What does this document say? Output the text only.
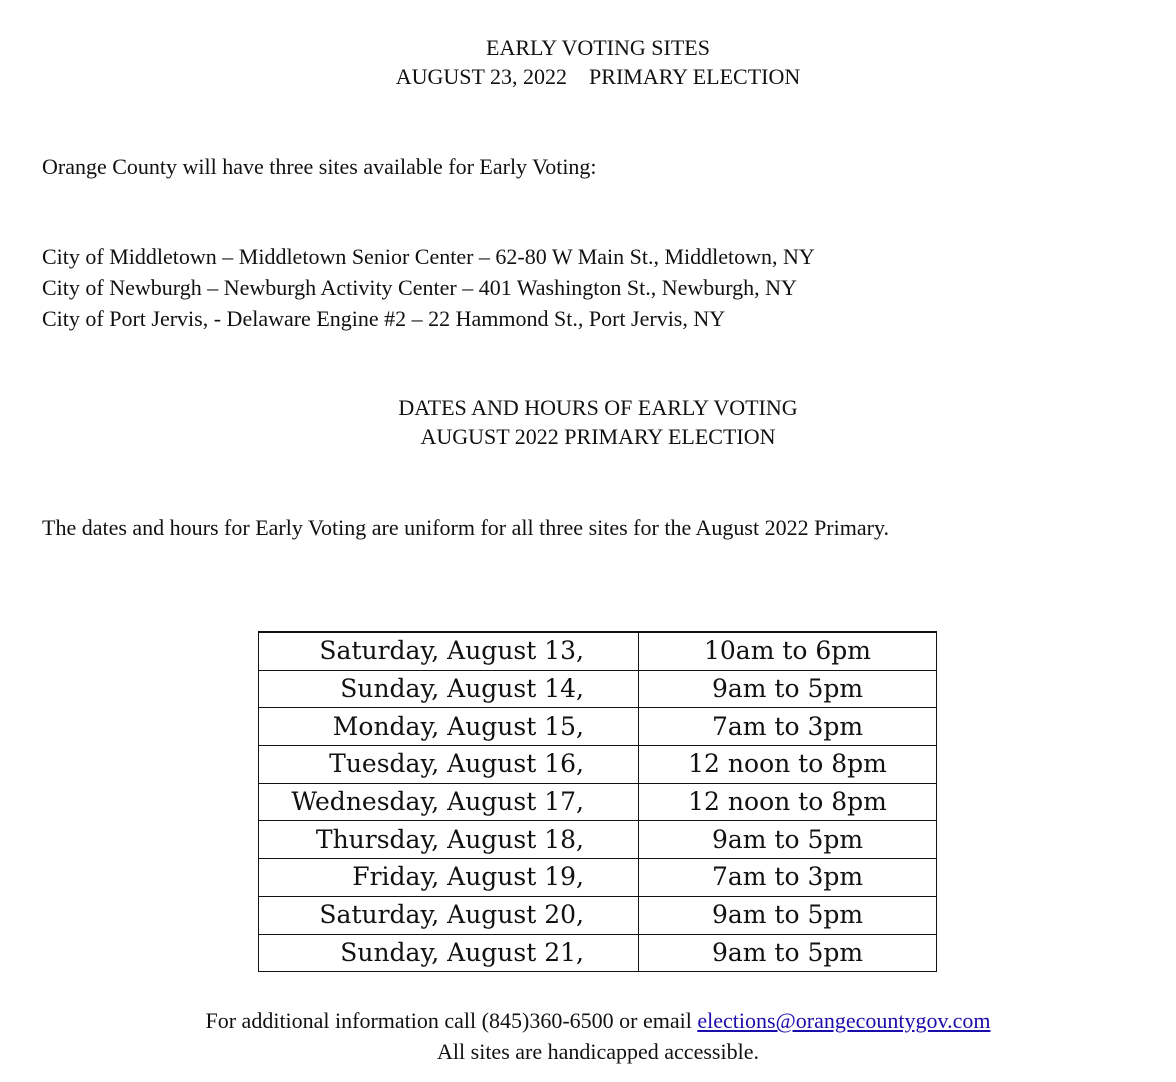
EARLY VOTING SITES
AUGUST 23, 2022    PRIMARY ELECTION
Orange County will have three sites available for Early Voting:
City of Middletown – Middletown Senior Center – 62-80 W Main St., Middletown, NY
City of Newburgh – Newburgh Activity Center – 401 Washington St., Newburgh, NY
City of Port Jervis, - Delaware Engine #2 – 22 Hammond St., Port Jervis, NY
DATES AND HOURS OF EARLY VOTING
AUGUST 2022 PRIMARY ELECTION
The dates and hours for Early Voting are uniform for all three sites for the August 2022 Primary.
Saturday, August 13,	10am to 6pm
Sunday, August 14,	9am to 5pm
Monday, August 15,	7am to 3pm
Tuesday, August 16,	12 noon to 8pm
Wednesday, August 17,	12 noon to 8pm
Thursday, August 18,	9am to 5pm
Friday, August 19,	7am to 3pm
Saturday, August 20,	9am to 5pm
Sunday, August 21,	9am to 5pm
For additional information call (845)360-6500 or email elections@orangecountygov.com
All sites are handicapped accessible.
